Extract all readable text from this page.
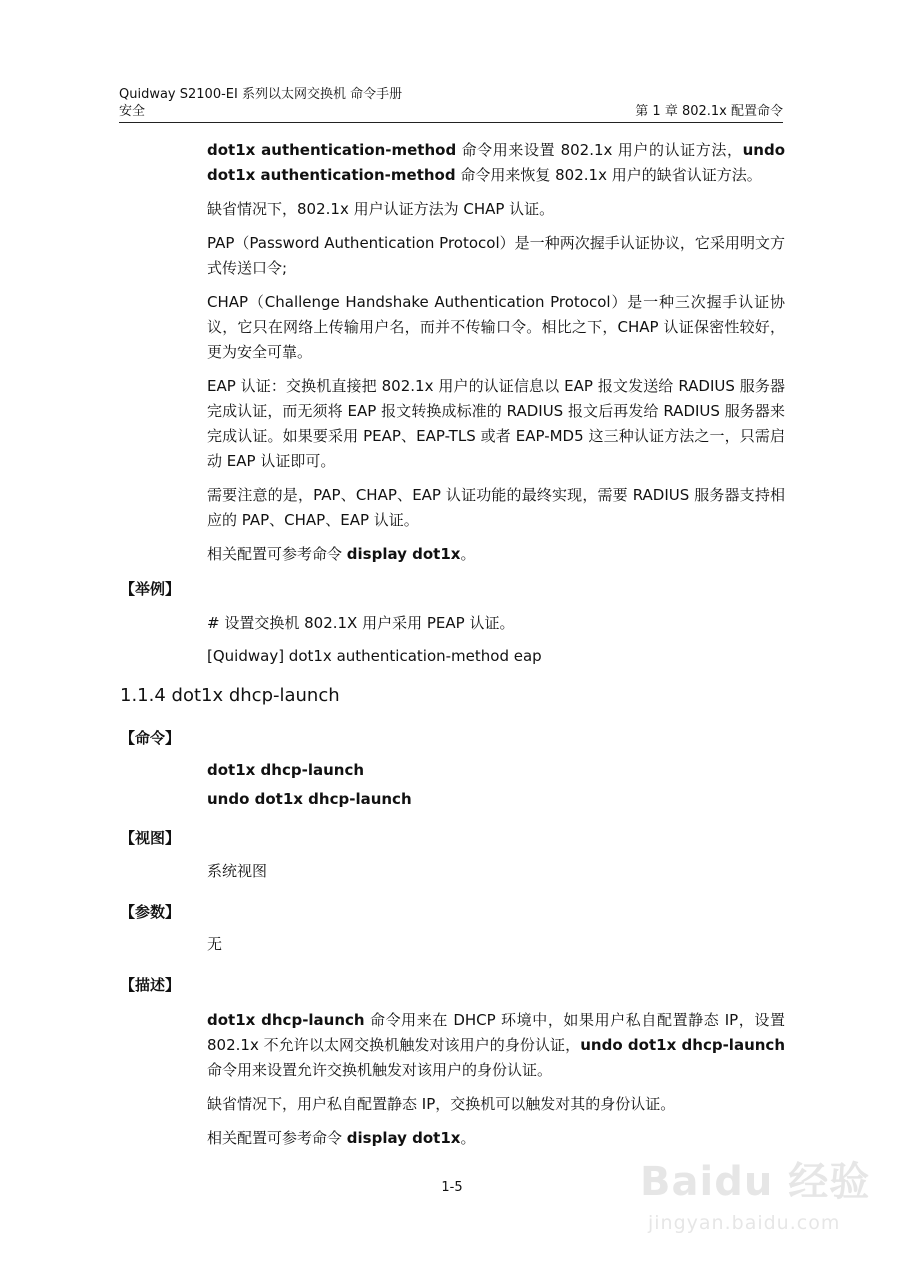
Quidway S2100-EI 系列以太网交换机 命令手册
安全	第 1 章 802.1x 配置命令

dot1x authentication-method 命令用来设置 802.1x 用户的认证方法，undo dot1x authentication-method 命令用来恢复 802.1x 用户的缺省认证方法。

缺省情况下，802.1x 用户认证方法为 CHAP 认证。

PAP（Password Authentication Protocol）是一种两次握手认证协议，它采用明文方式传送口令;

CHAP（Challenge Handshake Authentication Protocol）是一种三次握手认证协议，它只在网络上传输用户名，而并不传输口令。相比之下，CHAP 认证保密性较好，更为安全可靠。

EAP 认证：交换机直接把 802.1x 用户的认证信息以 EAP 报文发送给 RADIUS 服务器完成认证，而无须将 EAP 报文转换成标准的 RADIUS 报文后再发给 RADIUS 服务器来完成认证。如果要采用 PEAP、EAP-TLS 或者 EAP-MD5 这三种认证方法之一，只需启动 EAP 认证即可。

需要注意的是，PAP、CHAP、EAP 认证功能的最终实现，需要 RADIUS 服务器支持相应的 PAP、CHAP、EAP 认证。

相关配置可参考命令 display dot1x。

【举例】

# 设置交换机 802.1X 用户采用 PEAP 认证。

[Quidway] dot1x authentication-method eap

1.1.4 dot1x dhcp-launch
【命令】

dot1x dhcp-launch

undo dot1x dhcp-launch

【视图】
系统视图
【参数】
无
【描述】

dot1x dhcp-launch 命令用来在 DHCP 环境中，如果用户私自配置静态 IP，设置 802.1x 不允许以太网交换机触发对该用户的身份认证，undo dot1x dhcp-launch 命令用来设置允许交换机触发对该用户的身份认证。

缺省情况下，用户私自配置静态 IP，交换机可以触发对其的身份认证。

相关配置可参考命令 display dot1x。

1-5	Baidu 经验
jingyan.baidu.com
